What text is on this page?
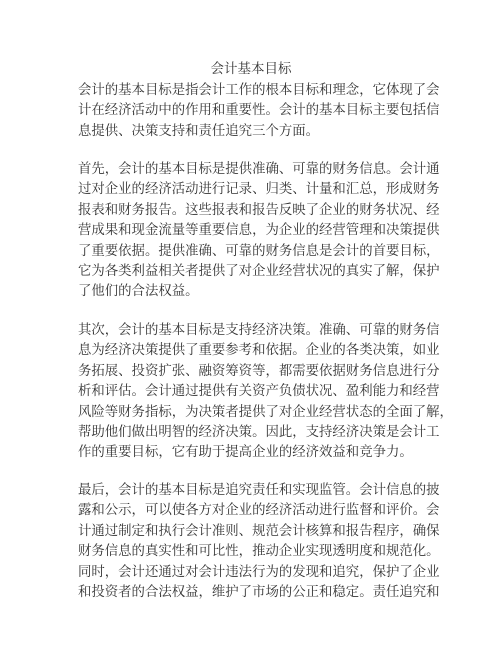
会计基本目标
会计的基本目标是指会计工作的根本目标和理念，它体现了会
计在经济活动中的作用和重要性。会计的基本目标主要包括信
息提供、决策支持和责任追究三个方面。
首先，会计的基本目标是提供准确、可靠的财务信息。会计通
过对企业的经济活动进行记录、归类、计量和汇总，形成财务
报表和财务报告。这些报表和报告反映了企业的财务状况、经
营成果和现金流量等重要信息，为企业的经营管理和决策提供
了重要依据。提供准确、可靠的财务信息是会计的首要目标，
它为各类利益相关者提供了对企业经营状况的真实了解，保护
了他们的合法权益。
其次，会计的基本目标是支持经济决策。准确、可靠的财务信
息为经济决策提供了重要参考和依据。企业的各类决策，如业
务拓展、投资扩张、融资筹资等，都需要依据财务信息进行分
析和评估。会计通过提供有关资产负债状况、盈利能力和经营
风险等财务指标，为决策者提供了对企业经营状态的全面了解，
帮助他们做出明智的经济决策。因此，支持经济决策是会计工
作的重要目标，它有助于提高企业的经济效益和竞争力。
最后，会计的基本目标是追究责任和实现监管。会计信息的披
露和公示，可以使各方对企业的经济活动进行监督和评价。会
计通过制定和执行会计准则、规范会计核算和报告程序，确保
财务信息的真实性和可比性，推动企业实现透明度和规范化。
同时，会计还通过对会计违法行为的发现和追究，保护了企业
和投资者的合法权益，维护了市场的公正和稳定。责任追究和
